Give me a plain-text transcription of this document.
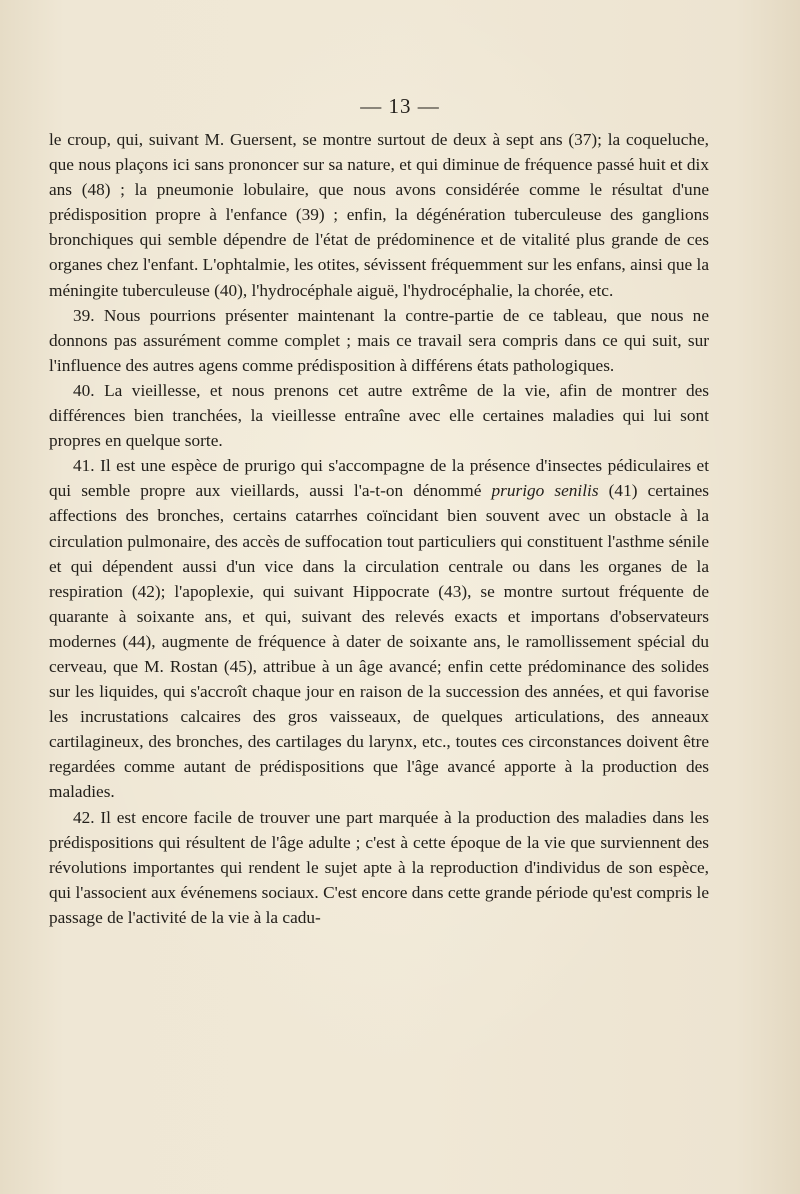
— 13 —

le croup, qui, suivant M. Guersent, se montre surtout de deux à sept ans (37); la coqueluche, que nous plaçons ici sans prononcer sur sa nature, et qui diminue de fréquence passé huit et dix ans (48) ; la pneumonie lobulaire, que nous avons considérée comme le résultat d'une prédisposition propre à l'enfance (39) ; enfin, la dégénération tuberculeuse des ganglions bronchiques qui semble dépendre de l'état de prédominence et de vitalité plus grande de ces organes chez l'enfant. L'ophtalmie, les otites, sévissent fréquemment sur les enfans, ainsi que la méningite tuberculeuse (40), l'hydrocéphale aiguë, l'hydrocéphalie, la chorée, etc.

39. Nous pourrions présenter maintenant la contre-partie de ce tableau, que nous ne donnons pas assurément comme complet ; mais ce travail sera compris dans ce qui suit, sur l'influence des autres agens comme prédisposition à différens états pathologiques.

40. La vieillesse, et nous prenons cet autre extrême de la vie, afin de montrer des différences bien tranchées, la vieillesse entraîne avec elle certaines maladies qui lui sont propres en quelque sorte.

41. Il est une espèce de prurigo qui s'accompagne de la présence d'insectes pédiculaires et qui semble propre aux vieillards, aussi l'a-t-on dénommé prurigo senilis (41) certaines affections des bronches, certains catarrhes coïncidant bien souvent avec un obstacle à la circulation pulmonaire, des accès de suffocation tout particuliers qui constituent l'asthme sénile et qui dépendent aussi d'un vice dans la circulation centrale ou dans les organes de la respiration (42); l'apoplexie, qui suivant Hippocrate (43), se montre surtout fréquente de quarante à soixante ans, et qui, suivant des relevés exacts et importans d'observateurs modernes (44), augmente de fréquence à dater de soixante ans, le ramollissement spécial du cerveau, que M. Rostan (45), attribue à un âge avancé; enfin cette prédominance des solides sur les liquides, qui s'accroît chaque jour en raison de la succession des années, et qui favorise les incrustations calcaires des gros vaisseaux, de quelques articulations, des anneaux cartilagineux, des bronches, des cartilages du larynx, etc., toutes ces circonstances doivent être regardées comme autant de prédispositions que l'âge avancé apporte à la production des maladies.

42. Il est encore facile de trouver une part marquée à la production des maladies dans les prédispositions qui résultent de l'âge adulte ; c'est à cette époque de la vie que surviennent des révolutions importantes qui rendent le sujet apte à la reproduction d'individus de son espèce, qui l'associent aux événemens sociaux. C'est encore dans cette grande période qu'est compris le passage de l'activité de la vie à la cadu-
